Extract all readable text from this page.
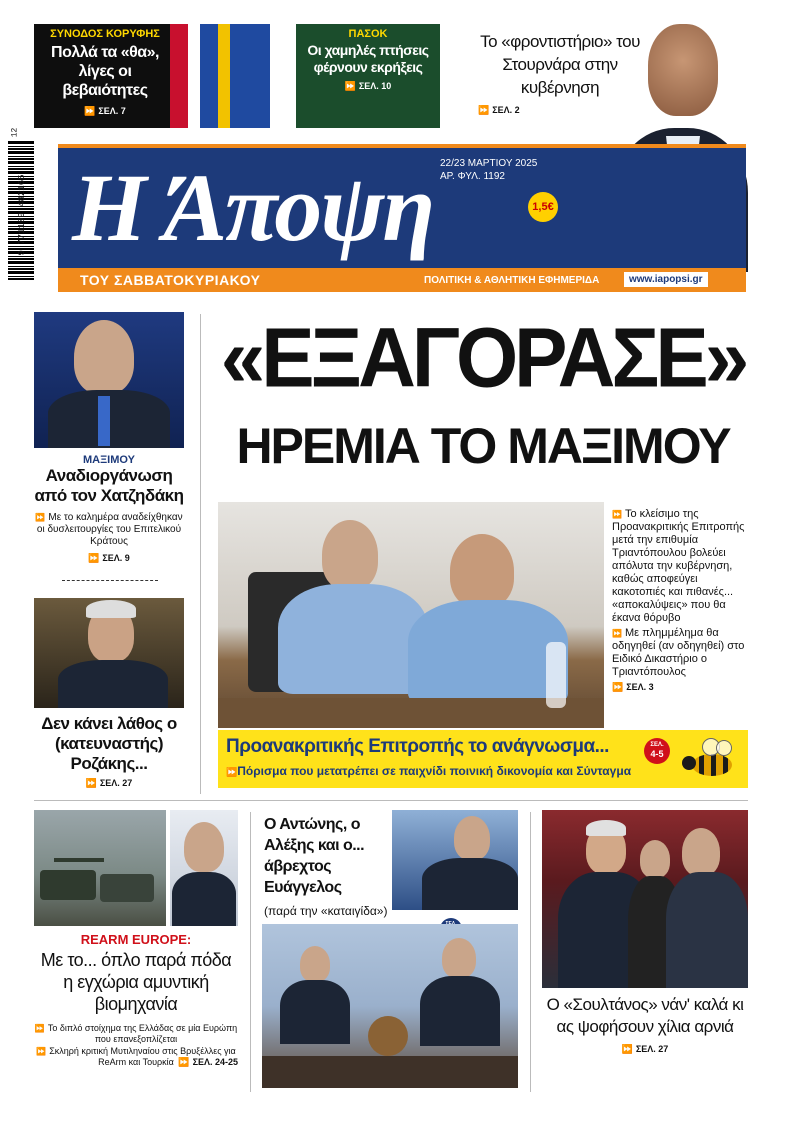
ΣΥΝΟΔΟΣ ΚΟΡΥΦΗΣ
Πολλά τα «θα», λίγες οι βεβαιότητες
⏩ ΣΕΛ. 7
ΠΑΣΟΚ
Οι χαμηλές πτήσεις φέρνουν εκρήξεις
⏩ ΣΕΛ. 10
Το «φροντιστήριο» του Στουρνάρα στην κυβέρνηση
⏩ ΣΕΛ. 2
9 771109 482165
12
Η Άποψη 22/23 ΜΑΡΤΙΟΥ 2025
ΑΡ. ΦΥΛ. 1192
1,5€
ΤΟΥ ΣΑΒΒΑΤΟΚΥΡΙΑΚΟΥ	ΠΟΛΙΤΙΚΗ & ΑΘΛΗΤΙΚΗ ΕΦΗΜΕΡΙΔΑ	www.iapopsi.gr
ΜΑΞΙΜΟΥ
Αναδιοργάνωση από τον Χατζηδάκη
⏩ Με το καλημέρα αναδείχθηκαν οι δυσλειτουργίες του Επιτελικού Κράτους
⏩ ΣΕΛ. 9
Δεν κάνει λάθος ο (κατευναστής) Ροζάκης...
⏩ ΣΕΛ. 27
«ΕΞΑΓΟΡΑΣΕ»
ΗΡΕΜΙΑ ΤΟ ΜΑΞΙΜΟΥ
⏩ Το κλείσιμο της Προανακριτικής Επιτροπής μετά την επιθυμία Τριαντόπουλου βολεύει απόλυτα την κυβέρνηση, καθώς αποφεύγει κακοτοπιές και πιθανές... «αποκαλύψεις» που θα έκανα θόρυβο
⏩ Με πλημμέλημα θα οδηγηθεί (αν οδηγηθεί) στο Ειδικό Δικαστήριο ο Τριαντόπουλος
⏩ ΣΕΛ. 3
Προανακριτικής Επιτροπής το ανάγνωσμα...
⏩Πόρισμα που μετατρέπει σε παιχνίδι ποινική δικονομία και Σύνταγμα
ΣΕΛ.
4-5
REARM EUROPE:
Με το... όπλο παρά πόδα η εγχώρια αμυντική βιομηχανία
⏩ Το διπλό στοίχημα της Ελλάδας σε μία Ευρώπη που επανεξοπλίζεται
⏩ Σκληρή κριτική Μυτιληναίου στις Βρυξέλλες για ReArm και Τουρκία ⏩ ΣΕΛ. 24-25
Ο Αντώνης, ο Αλέξης και ο... άβρεχτος Ευάγγελος
(παρά την «καταιγίδα»)
Ο «Σουλτάνος» νάν' καλά κι ας ψοφήσουν χίλια αρνιά
⏩ ΣΕΛ. 27
